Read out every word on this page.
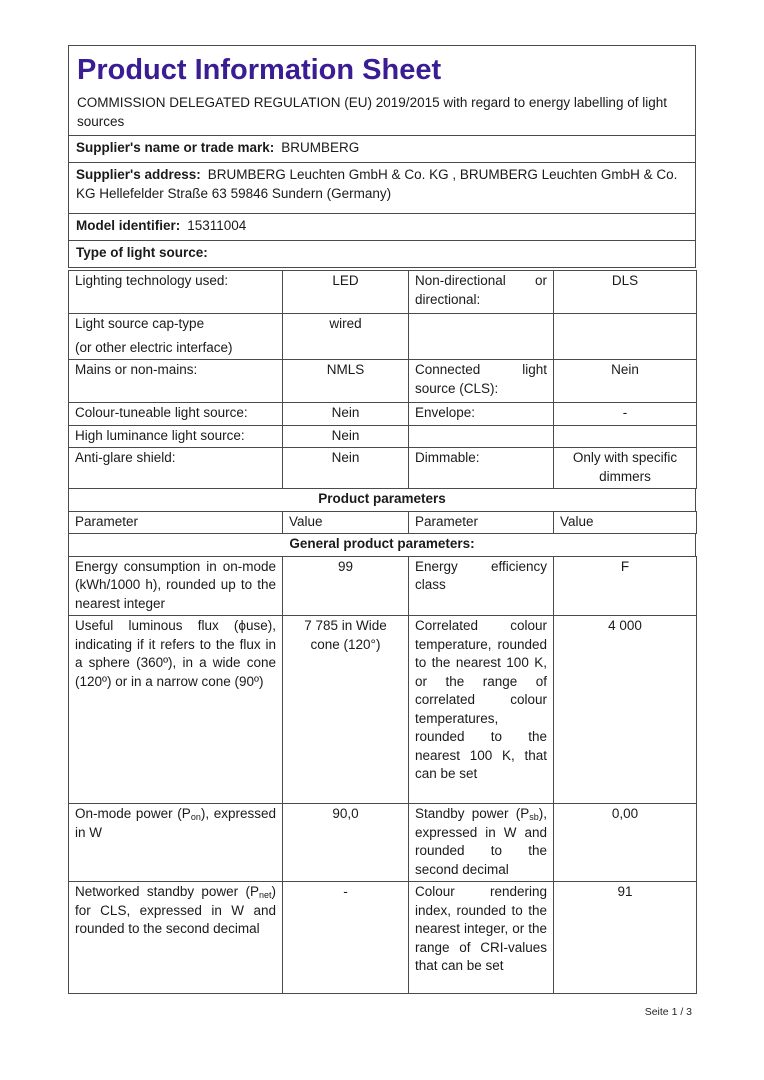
Product Information Sheet
COMMISSION DELEGATED REGULATION (EU) 2019/2015 with regard to energy labelling of light sources
Supplier's name or trade mark: BRUMBERG
Supplier's address: BRUMBERG Leuchten GmbH & Co. KG , BRUMBERG Leuchten GmbH & Co. KG Hellefelder Straße 63 59846 Sundern (Germany)
Model identifier: 15311004
Type of light source:
Lighting technology used:	LED	Non-directional or directional:	DLS

Light source cap-type
(or other electric interface)	wired		
Mains or non-mains:	NMLS	Connected light source (CLS):	Nein
Colour-tuneable light source:	Nein	Envelope:	-
High luminance light source:	Nein		
Anti-glare shield:	Nein	Dimmable:	Only with specific dimmers
Product parameters
Parameter	Value	Parameter	Value
General product parameters:
Energy consumption in on-mode (kWh/1000 h), rounded up to the nearest integer	99	Energy efficiency class	F
Useful luminous flux (ϕuse), indicating if it refers to the flux in a sphere (360º), in a wide cone (120º) or in a narrow cone (90º)	7 785 in Wide cone (120°)	Correlated colour temperature, rounded to the nearest 100 K, or the range of correlated colour temperatures, rounded to the nearest 100 K, that can be set	4 000
On-mode power $(P_{on})$, expressed in W	90,0	Standby power $(P_{sb})$, expressed in W and rounded to the second decimal	0,00
Networked standby power $(P_{net})$ for CLS, expressed in W and rounded to the second decimal	-	Colour rendering index, rounded to the nearest integer, or the range of CRI-values that can be set	91
Seite 1 / 3
